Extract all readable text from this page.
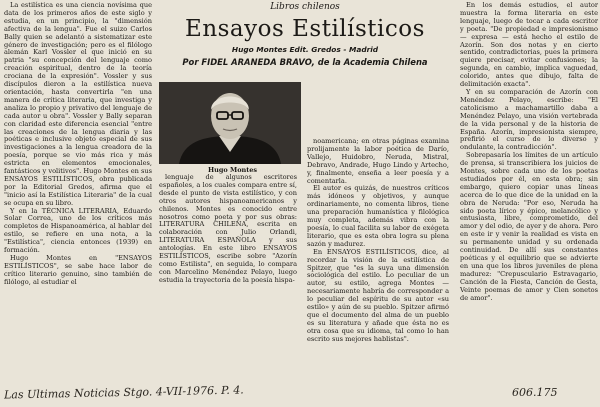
La estilística es una ciencia novísima que data de los primeros años de este siglo y estudia, en un principio, la "dimensión afectiva de la lengua". Fue el suizo Carlos Bally quien se adelantó a sistematizar este género de investigación; pero es el filólogo alemán Karl Vossler el que inició en su patria "su concepción del lenguaje como creación espiritual, dentro de la teoría crociana de la expresión". Vossler y sus discípulos dieron a la estilística nueva orientación, hasta convertirla "en una manera de crítica literaria, que investiga y analiza lo propio y privativo del lenguaje de cada autor u obra". Vossler y Bally separan con claridad este diferencia esencial "entre las creaciones de la lengua diaria y las poéticas e inclusive objeto especial de sus investigaciones a la lengua creadora de la poesía, porque se vio más rica y más estricta en elementos emocionales, fantásticos y volitivos". Hugo Montes en sus ENSAYOS ESTILÍSTICOS, obra publicada por la Editorial Gredos, afirma que el "inicio así la Estilística Literaria" de la cual se ocupa en su libro.

Y en la TÉCNICA LITERARIA, Eduardo Solar Correa, uno de los críticos más completos de Hispanoamérica, al hablar del estilo, se refiere en una nota, a la "Estilística", ciencia entonces (1939) en formación.

Hugo Montes en "ENSAYOS ESTILÍSTICOS", se sabe hace labor de crítico literario genuino, sino también de filólogo, al estudiar el

Libros chilenos
Ensayos Estilísticos
Hugo Montes Edit. Gredos - Madrid
Por FIDEL ARANEDA BRAVO, de la Academia Chilena
Hugo Montes

lenguaje de algunos escritores españoles, a los cuales compara entre sí, desde el punto de vista estilístico, y con otros autores hispanoamericanos y chilenos. Montes es conocido entre nosotros como poeta y por sus obras: LITERATURA CHILENA, escrita en colaboración con Julio Orlandi, LITERATURA ESPAÑOLA y sus antologías. En este libro ENSAYOS ESTILÍSTICOS, escribe sobre "Azorín como Estilista", en seguida, lo compara con Marcelino Menéndez Pelayo, luego estudia la trayectoria de la poesía hispa-

noamericana; en otras páginas examina prolijamente la labor poética de Darío, Vallejo, Huidobro, Neruda, Mistral, Debravo, Andrade, Hugo Lindo y Artecho, y, finalmente, enseña a leer poesía y a comentarla.

El autor es quizás, de nuestros críticos más idóneos y objetivos, y aunque ordinariamente, no comenta libros, tiene una preparación humanística y filológica muy completa, además vibra con la poesía, lo cual facilita su labor de exégeta literario, que es esta obra logra su plena sazón y madurez.

En ENSAYOS ESTILÍSTICOS, dice, al recordar la visión de la estilística de Spitzer, que "es la suya una dimensión sociológica del estilo. Lo peculiar de un autor, su estilo, agrega Montes — necesariamente habría de corresponder a lo peculiar del espíritu de su autor «su estilo» y aún de su pueblo. Spitzer afirmó que el documento del alma de un pueblo es su literatura y añade que ésta no es otra cosa que su idioma, tal como lo han escrito sus mejores hablistas".

En los demás estudios, el autor muestra la forma literaria en este lenguaje, luego de tocar a cada escritor y poeta. "De propiedad e impresionismo — expresa — está hecho el estilo de Azorín. Son dos notas y en cierto sentido, contradictorias, pues la primera quiere precisar, evitar confusiones; la segunda, en cambio, implica vaguedad, colorido, antes que dibujo, falta de delimitación exacta".

Y en su comparación de Azorín con Menéndez Pelayo, escribe: "El catolicismo a machamartillo daba a Menéndez Pelayo, una visión vertebrada de la vida personal y de la historia de España. Azorín, impresionista siempre, prefirió el curso de lo diverso y ondulante, la contradicción".

Sobrepasaría los límites de un artículo de prensa, si transcribiera los juicios de Montes, sobre cada uno de los poetas estudiados por él, en esta obra; sin embargo, quiero copiar unas líneas acerca de lo que dice de la unidad en la obra de Neruda: "Por eso, Neruda ha sido poeta lírico y épico, melancólico y entusiasta, libre, comprometido, del amor y del odio, de ayer y de ahora. Pero en este ir y venir la realidad es vista en su permanente unidad y su ordenada continuidad. De allí sus constantes poéticas y el equilibrio que se advierte en una que los libros juveniles de plena madurez: "Crepusculario Estravagario, Canción de la Fiesta, Canción de Gesta, Veinte poemas de amor y Cien sonetos de amor".

Las Ultimas Noticias Stgo. 4-VII-1976. P. 4.	606.175
